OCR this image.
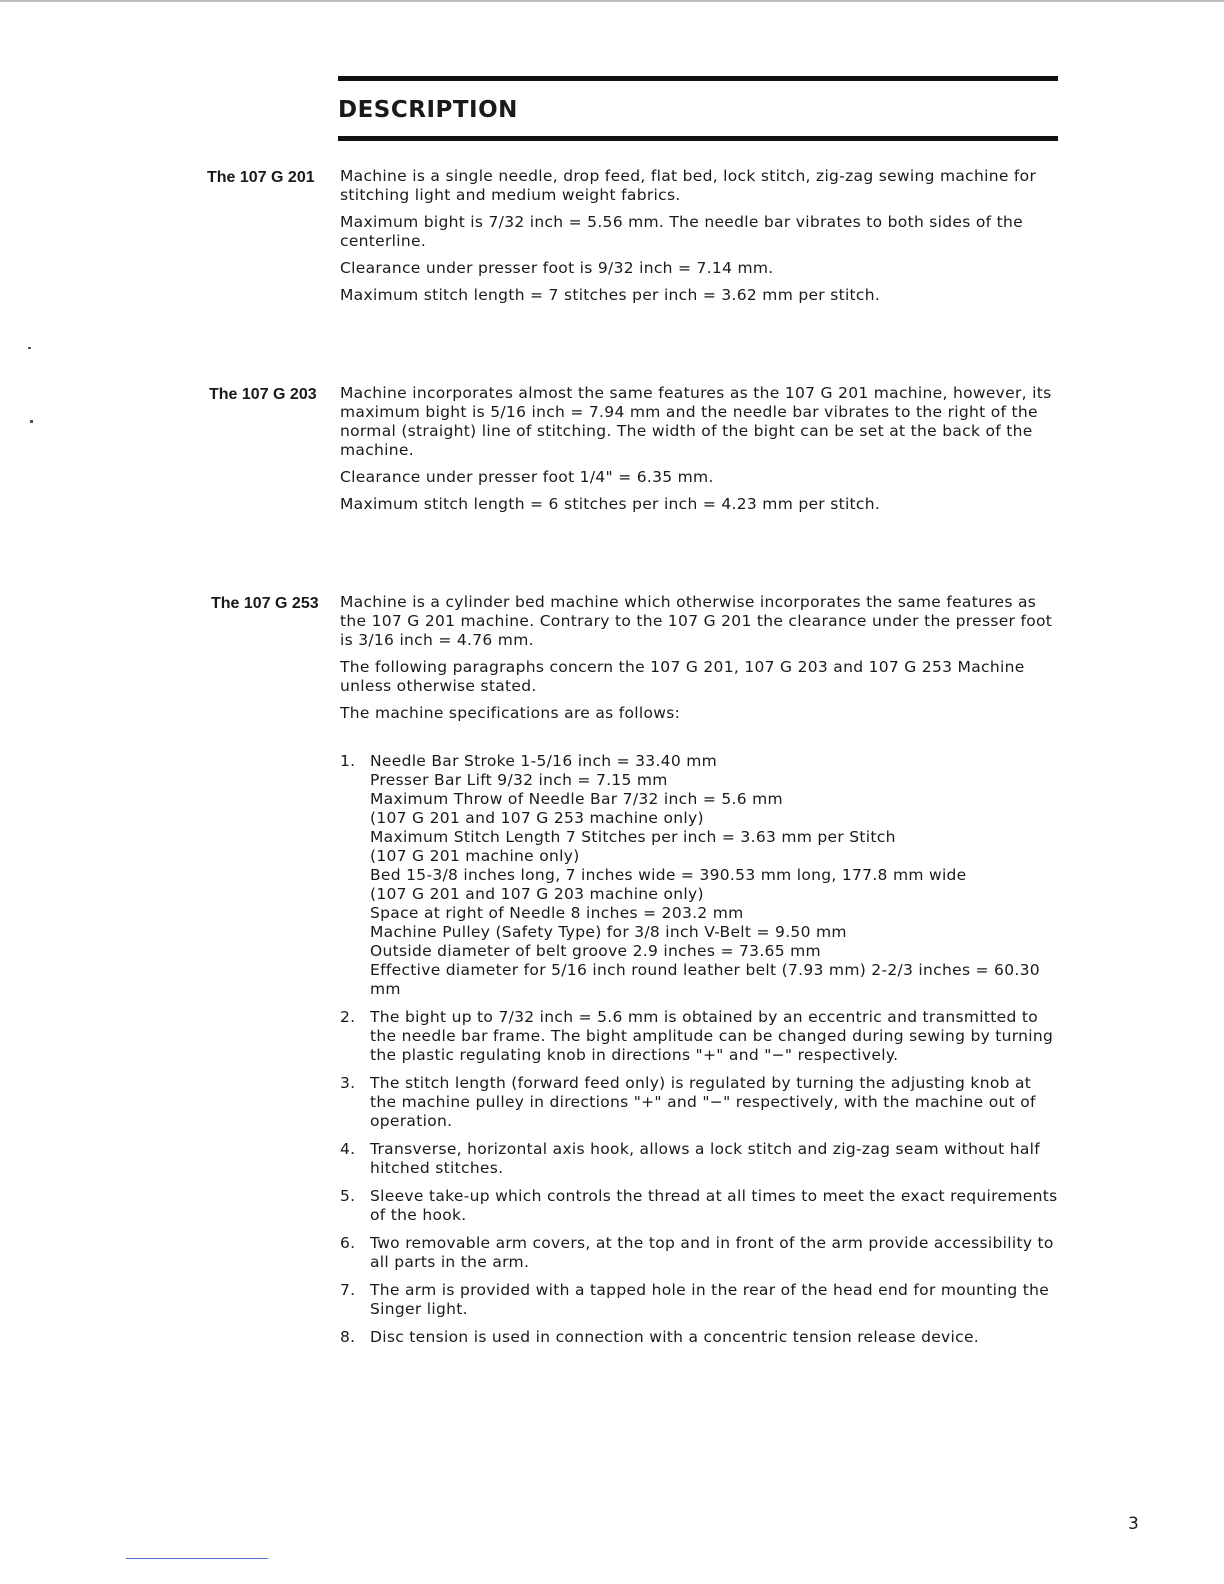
DESCRIPTION
The 107 G 201 Machine is a single needle, drop feed, flat bed, lock stitch, zig-zag sewing machine for stitching light and medium weight fabrics.

Maximum bight is 7/32 inch = 5.56 mm. The needle bar vibrates to both sides of the centerline.

Clearance under presser foot is 9/32 inch = 7.14 mm.

Maximum stitch length = 7 stitches per inch = 3.62 mm per stitch.

The 107 G 203 Machine incorporates almost the same features as the 107 G 201 machine, however, its maximum bight is 5/16 inch = 7.94 mm and the needle bar vibrates to the right of the normal (straight) line of stitching. The width of the bight can be set at the back of the machine.

Clearance under presser foot 1/4" = 6.35 mm.

Maximum stitch length = 6 stitches per inch = 4.23 mm per stitch.

The 107 G 253 Machine is a cylinder bed machine which otherwise incorporates the same features as the 107 G 201 machine. Contrary to the 107 G 201 the clearance under the presser foot is 3/16 inch = 4.76 mm.

The following paragraphs concern the 107 G 201, 107 G 203 and 107 G 253 Machine unless otherwise stated.

The machine specifications are as follows:

1. Needle Bar Stroke 1-5/16 inch = 33.40 mm
Presser Bar Lift 9/32 inch = 7.15 mm
Maximum Throw of Needle Bar 7/32 inch = 5.6 mm
(107 G 201 and 107 G 253 machine only)
Maximum Stitch Length 7 Stitches per inch = 3.63 mm per Stitch
(107 G 201 machine only)
Bed 15-3/8 inches long, 7 inches wide = 390.53 mm long, 177.8 mm wide
(107 G 201 and 107 G 203 machine only)
Space at right of Needle 8 inches = 203.2 mm
Machine Pulley (Safety Type) for 3/8 inch V-Belt = 9.50 mm
Outside diameter of belt groove 2.9 inches = 73.65 mm
Effective diameter for 5/16 inch round leather belt (7.93 mm) 2-2/3 inches = 60.30 mm
2. The bight up to 7/32 inch = 5.6 mm is obtained by an eccentric and transmitted to the needle bar frame. The bight amplitude can be changed during sewing by turning the plastic regulating knob in directions "+" and "−" respectively.
3. The stitch length (forward feed only) is regulated by turning the adjusting knob at the machine pulley in directions "+" and "−" respectively, with the machine out of operation.
4. Transverse, horizontal axis hook, allows a lock stitch and zig-zag seam without half hitched stitches.
5. Sleeve take-up which controls the thread at all times to meet the exact requirements of the hook.
6. Two removable arm covers, at the top and in front of the arm provide accessibility to all parts in the arm.
7. The arm is provided with a tapped hole in the rear of the head end for mounting the Singer light.
8. Disc tension is used in connection with a concentric tension release device.
3
